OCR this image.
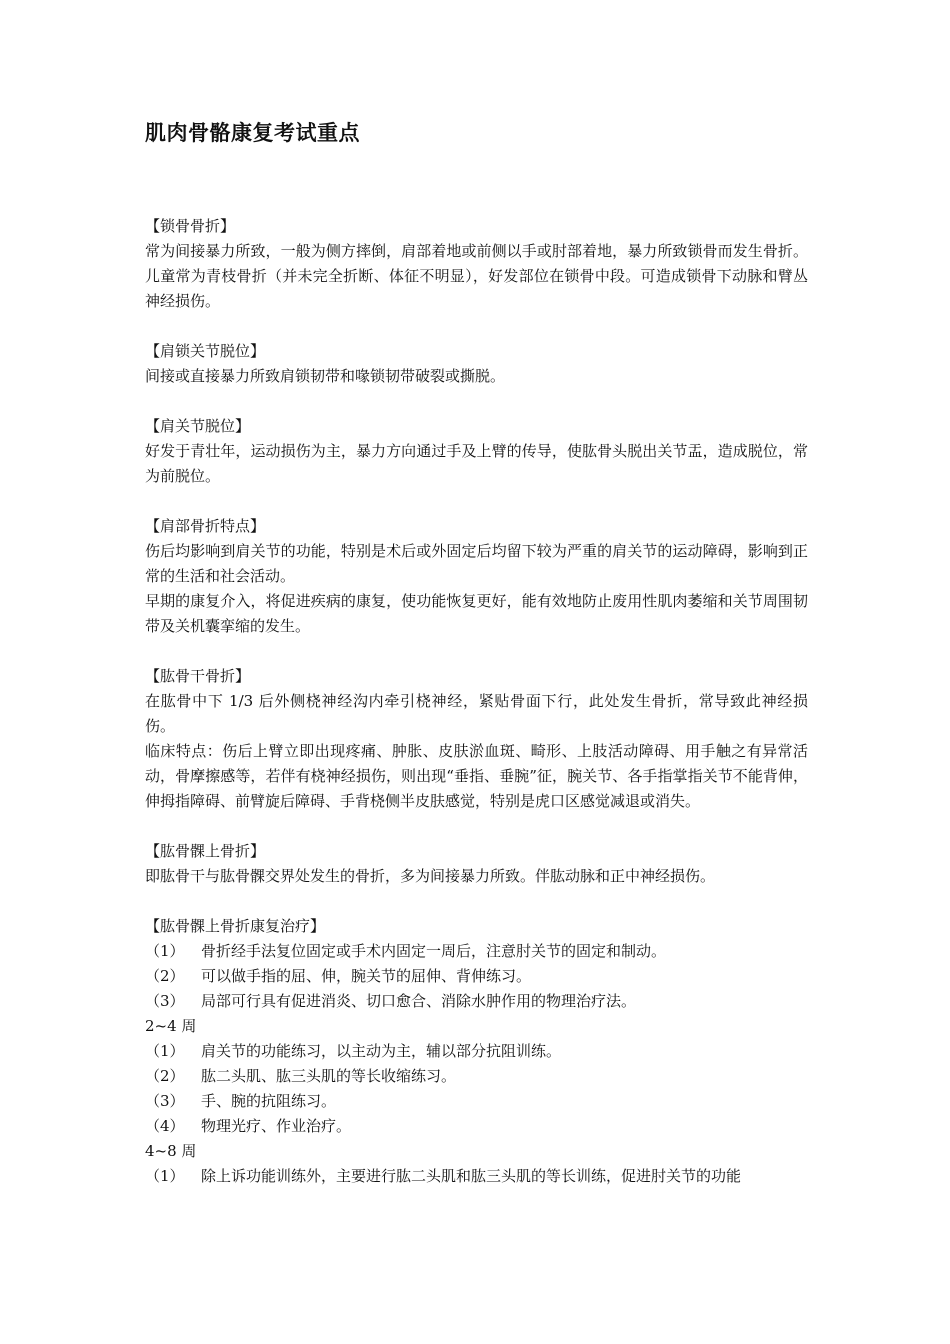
肌肉骨骼康复考试重点

【锁骨骨折】

常为间接暴力所致，一般为侧方摔倒，肩部着地或前侧以手或肘部着地，暴力所致锁骨而发生骨折。儿童常为青枝骨折（并未完全折断、体征不明显），好发部位在锁骨中段。可造成锁骨下动脉和臂丛神经损伤。

【肩锁关节脱位】

间接或直接暴力所致肩锁韧带和喙锁韧带破裂或撕脱。

【肩关节脱位】

好发于青壮年，运动损伤为主，暴力方向通过手及上臂的传导，使肱骨头脱出关节盂，造成脱位，常为前脱位。

【肩部骨折特点】

伤后均影响到肩关节的功能，特别是术后或外固定后均留下较为严重的肩关节的运动障碍，影响到正常的生活和社会活动。

早期的康复介入，将促进疾病的康复，使功能恢复更好，能有效地防止废用性肌肉萎缩和关节周围韧带及关机囊挛缩的发生。

【肱骨干骨折】

在肱骨中下 1/3 后外侧桡神经沟内牵引桡神经，紧贴骨面下行，此处发生骨折，常导致此神经损伤。

临床特点：伤后上臂立即出现疼痛、肿胀、皮肤淤血斑、畸形、上肢活动障碍、用手触之有异常活动，骨摩擦感等，若伴有桡神经损伤，则出现“垂指、垂腕”征，腕关节、各手指掌指关节不能背伸，伸拇指障碍、前臂旋后障碍、手背桡侧半皮肤感觉，特别是虎口区感觉减退或消失。

【肱骨髁上骨折】

即肱骨干与肱骨髁交界处发生的骨折，多为间接暴力所致。伴肱动脉和正中神经损伤。

【肱骨髁上骨折康复治疗】

（1）	骨折经手法复位固定或手术内固定一周后，注意肘关节的固定和制动。
（2）	可以做手指的屈、伸，腕关节的屈伸、背伸练习。
（3）	局部可行具有促进消炎、切口愈合、消除水肿作用的物理治疗法。

2~4 周

（1）	肩关节的功能练习，以主动为主，辅以部分抗阻训练。
（2）	肱二头肌、肱三头肌的等长收缩练习。
（3）	手、腕的抗阻练习。
（4）	物理光疗、作业治疗。

4~8 周

（1）	除上诉功能训练外，主要进行肱二头肌和肱三头肌的等长训练，促进肘关节的功能
